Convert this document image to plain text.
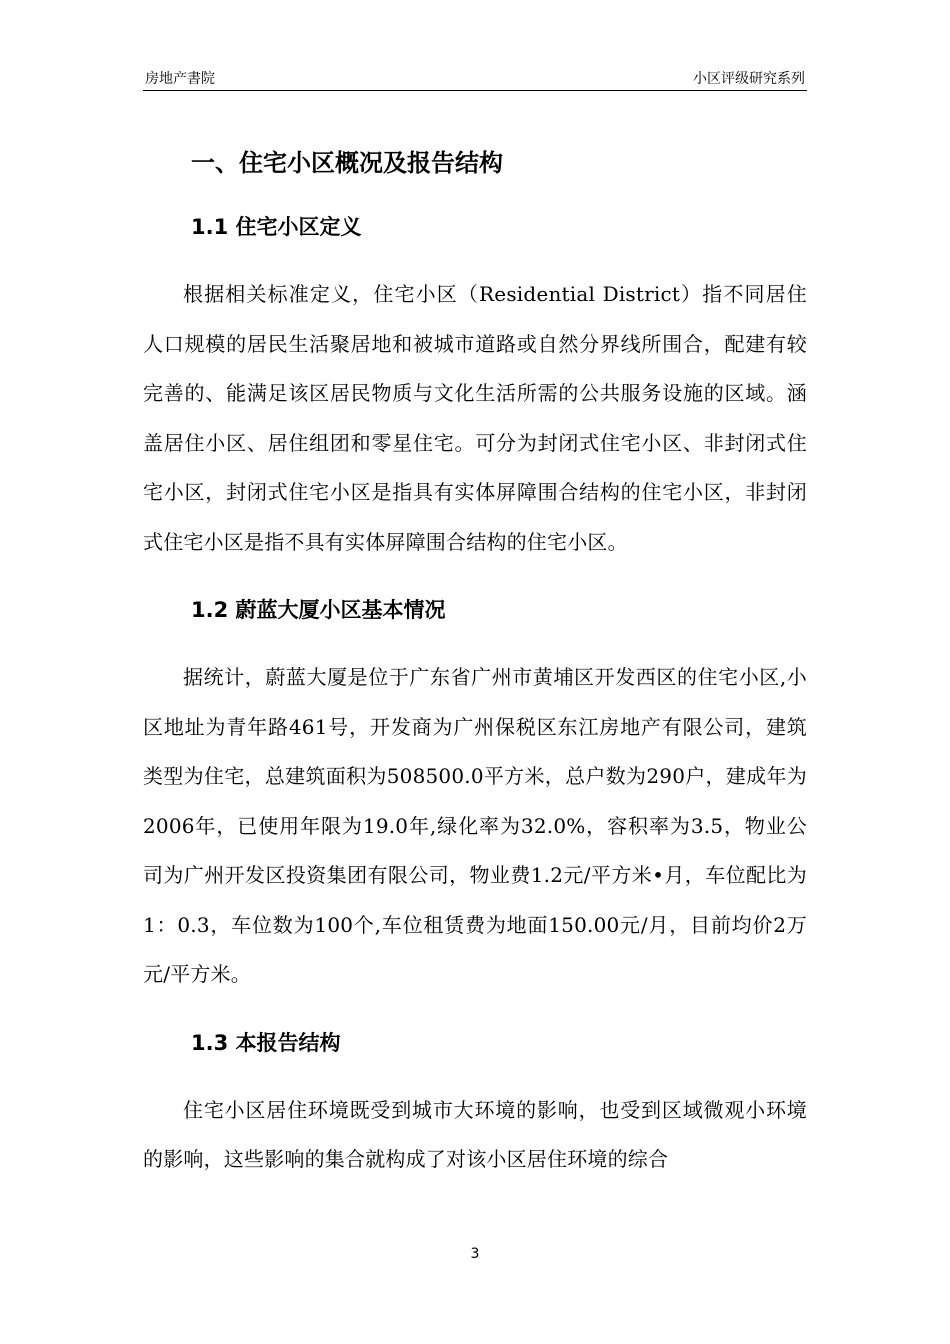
房地产書院	小区评级研究系列
一、住宅小区概况及报告结构
1.1 住宅小区定义

根据相关标准定义，住宅小区（Residential District）指不同居住人口规模的居民生活聚居地和被城市道路或自然分界线所围合，配建有较完善的、能满足该区居民物质与文化生活所需的公共服务设施的区域。涵盖居住小区、居住组团和零星住宅。可分为封闭式住宅小区、非封闭式住宅小区，封闭式住宅小区是指具有实体屏障围合结构的住宅小区，非封闭式住宅小区是指不具有实体屏障围合结构的住宅小区。

1.2 蔚蓝大厦小区基本情况

据统计，蔚蓝大厦是位于广东省广州市黄埔区开发西区的住宅小区,小区地址为青年路461号，开发商为广州保税区东江房地产有限公司，建筑类型为住宅，总建筑面积为508500.0平方米，总户数为290户，建成年为2006年，已使用年限为19.0年,绿化率为32.0%，容积率为3.5，物业公司为广州开发区投资集团有限公司，物业费1.2元/平方米•月，车位配比为1：0.3，车位数为100个,车位租赁费为地面150.00元/月，目前均价2万元/平方米。

1.3 本报告结构

住宅小区居住环境既受到城市大环境的影响，也受到区域微观小环境的影响，这些影响的集合就构成了对该小区居住环境的综合

3
